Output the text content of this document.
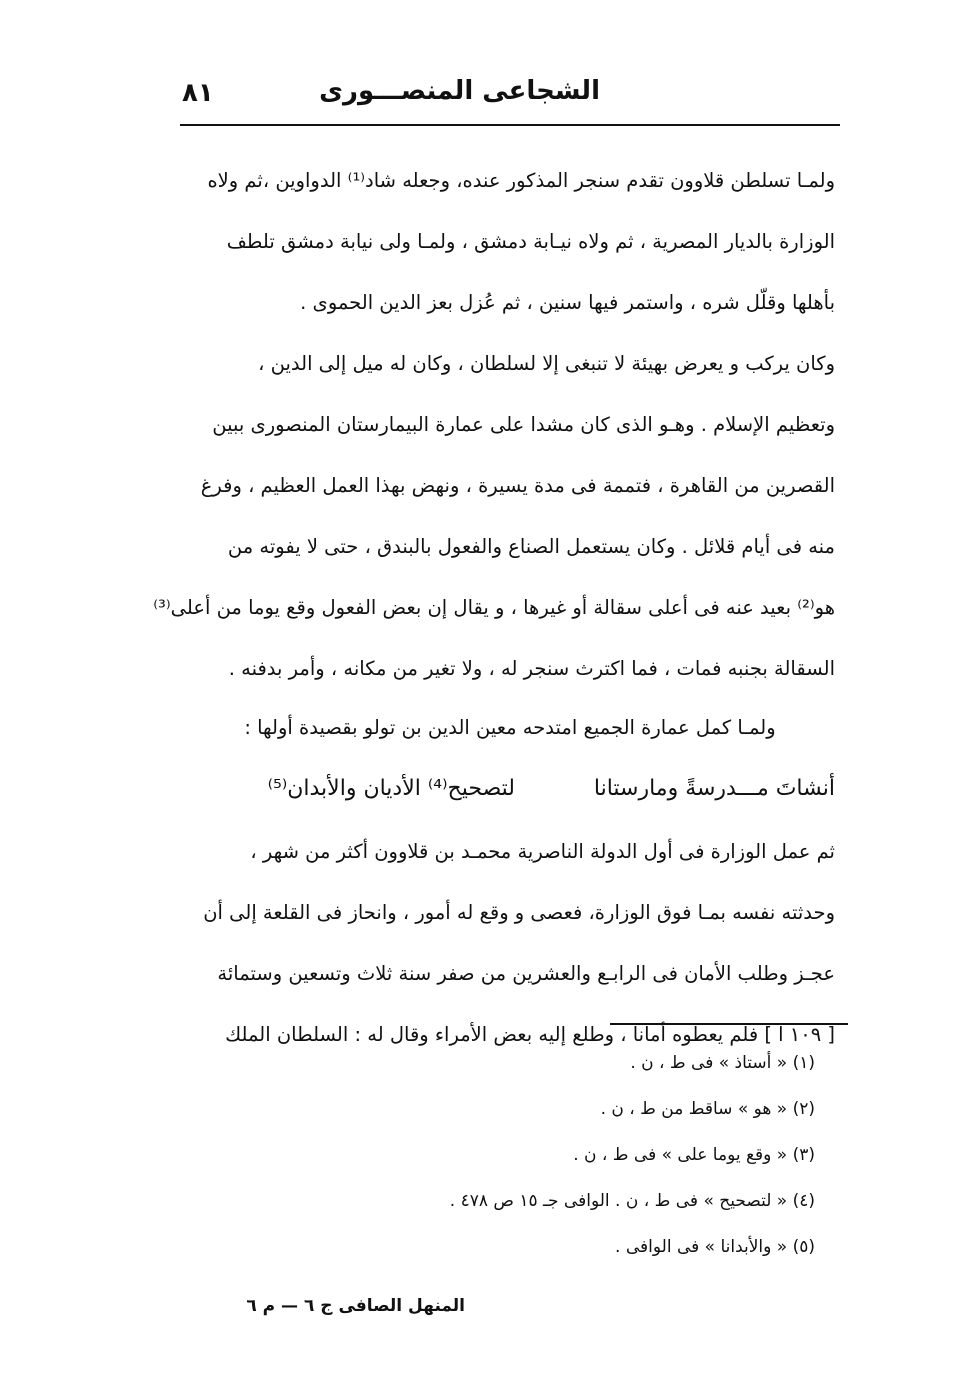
الشجاعى المنصـــورى
٨١
ولمـا تسلطن قلاوون تقدم سنجر المذكور عنده، وجعله شاد⁽¹⁾ الدواوين ،ثم ولاه
الوزارة بالديار المصرية ، ثم ولاه نيـابة دمشق ، ولمـا ولى نيابة دمشق تلطف
بأهلها وقلّل شره ، واستمر فيها سنين ، ثم عُزل بعز الدين الحموى .
وكان يركب و يعرض بهيئة لا تنبغى إلا لسلطان ، وكان له ميل إلى الدين ،
وتعظيم الإسلام . وهـو الذى كان مشدا على عمارة البيمارستان المنصورى ببين
القصرين من القاهرة ، فتممة فى مدة يسيرة ، ونهض بهذا العمل العظيم ، وفرغ
منه فى أيام قلائل . وكان يستعمل الصناع والفعول بالبندق ، حتى لا يفوته من
هو⁽²⁾ بعيد عنه فى أعلى سقالة أو غيرها ، و يقال إن بعض الفعول وقع يوما من أعلى⁽³⁾
السقالة بجنبه فمات ، فما اكترث سنجر له ، ولا تغير من مكانه ، وأمر بدفنه .
ولمـا كمل عمارة الجميع امتدحه معين الدين بن تولو بقصيدة أولها :
أنشاتَ مـــدرسةً ومارستانا
لتصحيح⁽⁴⁾ الأديان والأبدان⁽⁵⁾
ثم عمل الوزارة فى أول الدولة الناصرية محمـد بن قلاوون أكثر من شهر ،
وحدثته نفسه بمـا فوق الوزارة، فعصى و وقع له أمور ، وانحاز فى القلعة إلى أن
عجـز وطلب الأمان فى الرابـع والعشرين من صفر سنة ثلاث وتسعين وستمائة
[ ١٠٩ ا ] فلم يعطوه أمانا ، وطلع إليه بعض الأمراء وقال له : السلطان الملك
(١) « أستاذ » فى ط ، ن .
(٢) « هو » ساقط من ط ، ن .
(٣) « وقع يوما على » فى ط ، ن .
(٤) « لتصحيح » فى ط ، ن . الوافى جـ ١٥ ص ٤٧٨ .
(٥) « والأبدانا » فى الوافى .
المنهل الصافى ج ٦ — م ٦
